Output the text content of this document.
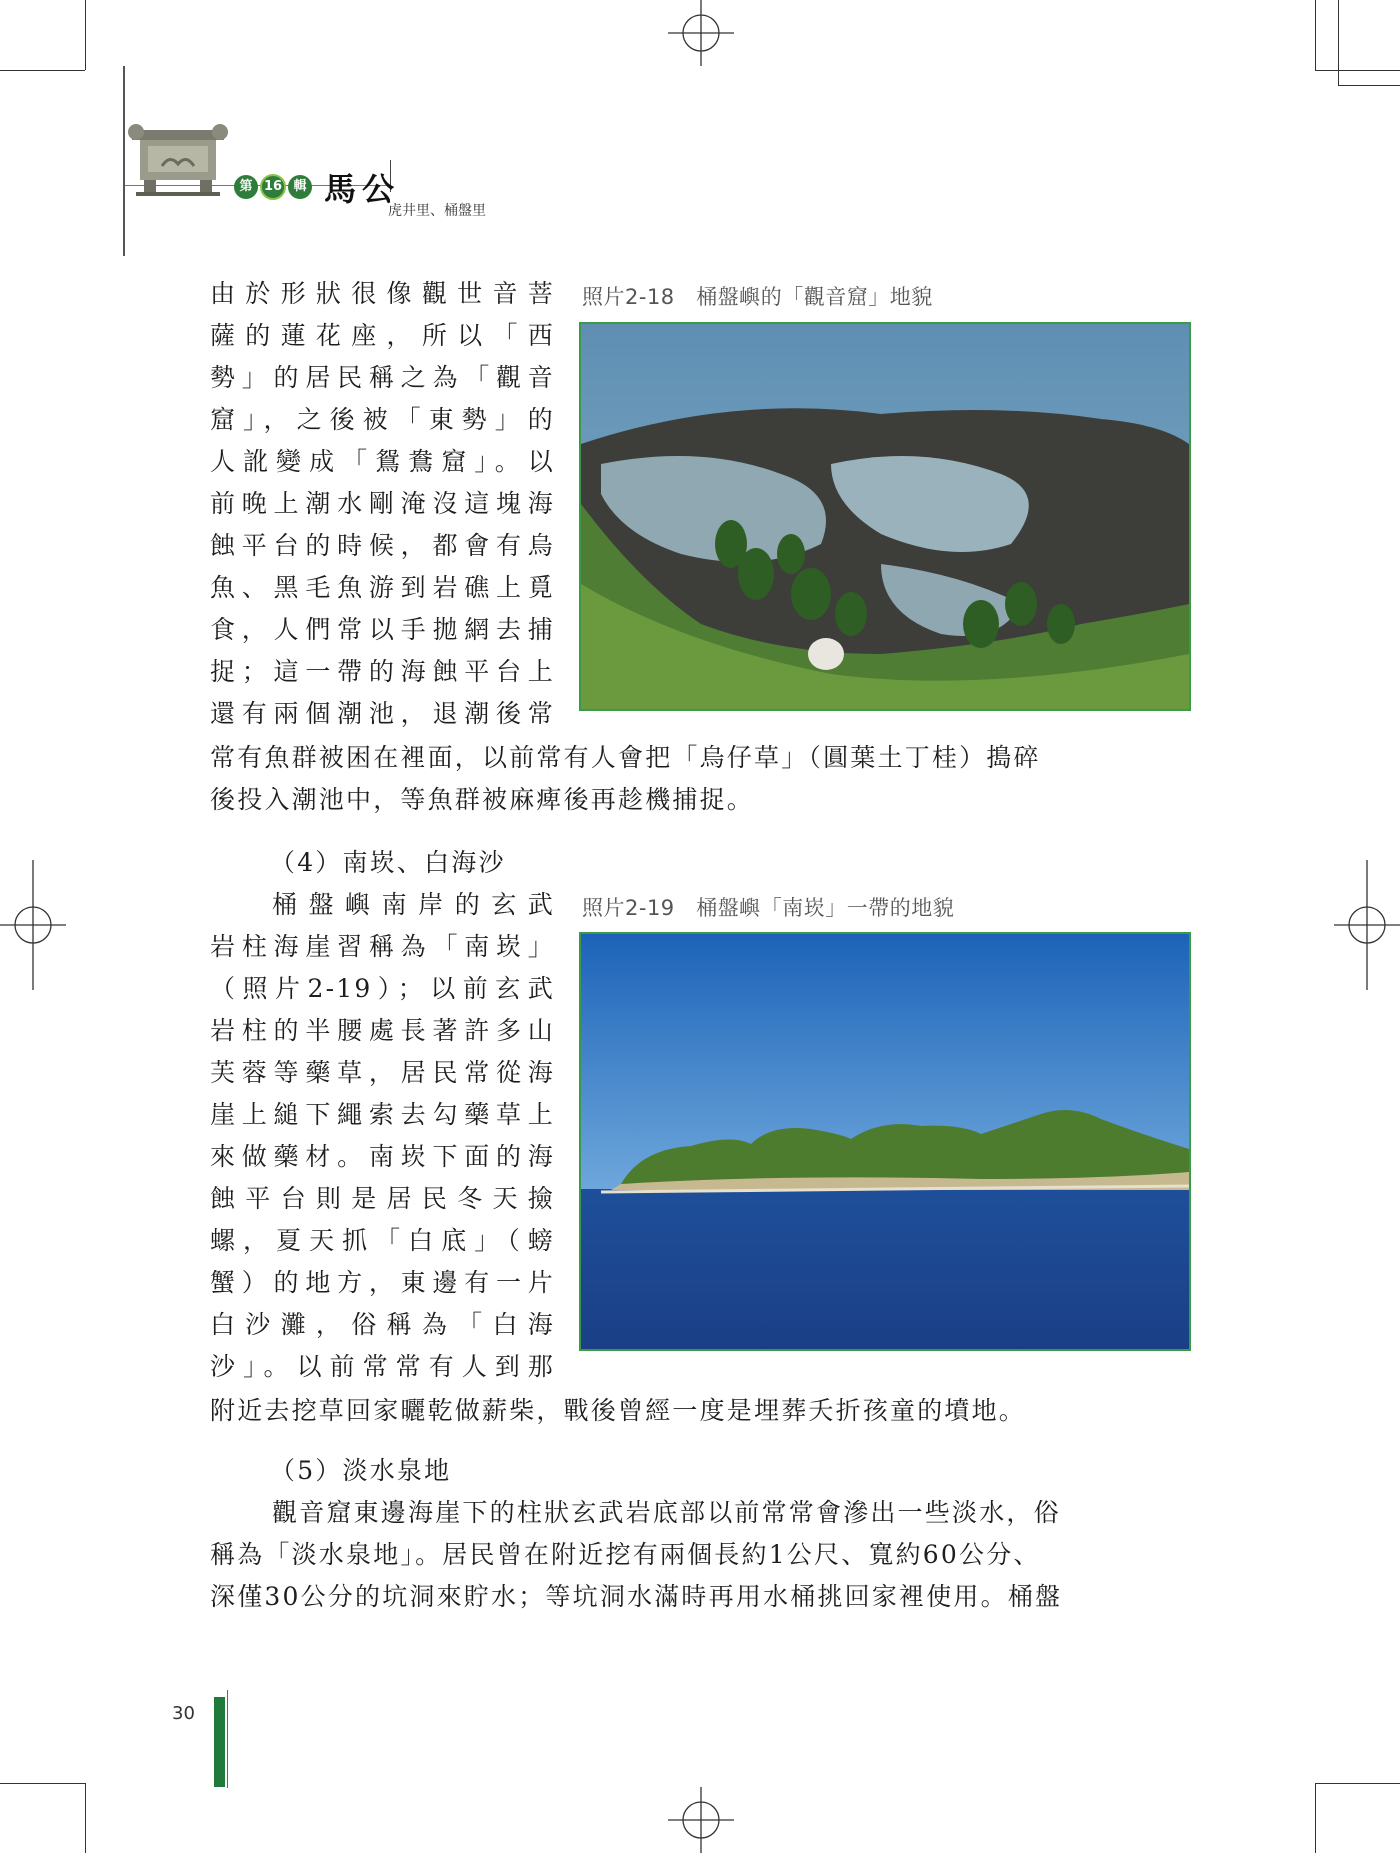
第 16 輯 馬公
虎井里、桶盤里
照片2-18 桶盤嶼的「觀音窟」地貌
由於形狀很像觀世音菩
薩的蓮花座，所以「西
勢」的居民稱之為「觀音
窟」，之後被「東勢」的
人訛變成「鴛鴦窟」。以
前晚上潮水剛淹沒這塊海
蝕平台的時候，都會有烏
魚、黑毛魚游到岩礁上覓
食，人們常以手拋網去捕
捉；這一帶的海蝕平台上
還有兩個潮池，退潮後常
常有魚群被困在裡面，以前常有人會把「烏仔草」（圓葉土丁桂）搗碎
後投入潮池中，等魚群被麻痺後再趁機捕捉。
（4）南崁、白海沙
照片2-19 桶盤嶼「南崁」一帶的地貌
桶盤嶼南岸的玄武
岩柱海崖習稱為「南崁」
（照片2-19）；以前玄武
岩柱的半腰處長著許多山
芙蓉等藥草，居民常從海
崖上縋下繩索去勾藥草上
來做藥材。南崁下面的海
蝕平台則是居民冬天撿
螺，夏天抓「白底」（螃
蟹）的地方，東邊有一片
白沙灘，俗稱為「白海
沙」。以前常常有人到那
附近去挖草回家曬乾做薪柴，戰後曾經一度是埋葬夭折孩童的墳地。
（5）淡水泉地
觀音窟東邊海崖下的柱狀玄武岩底部以前常常會滲出一些淡水，俗
稱為「淡水泉地」。居民曾在附近挖有兩個長約1公尺、寬約60公分、
深僅30公分的坑洞來貯水；等坑洞水滿時再用水桶挑回家裡使用。桶盤
30
